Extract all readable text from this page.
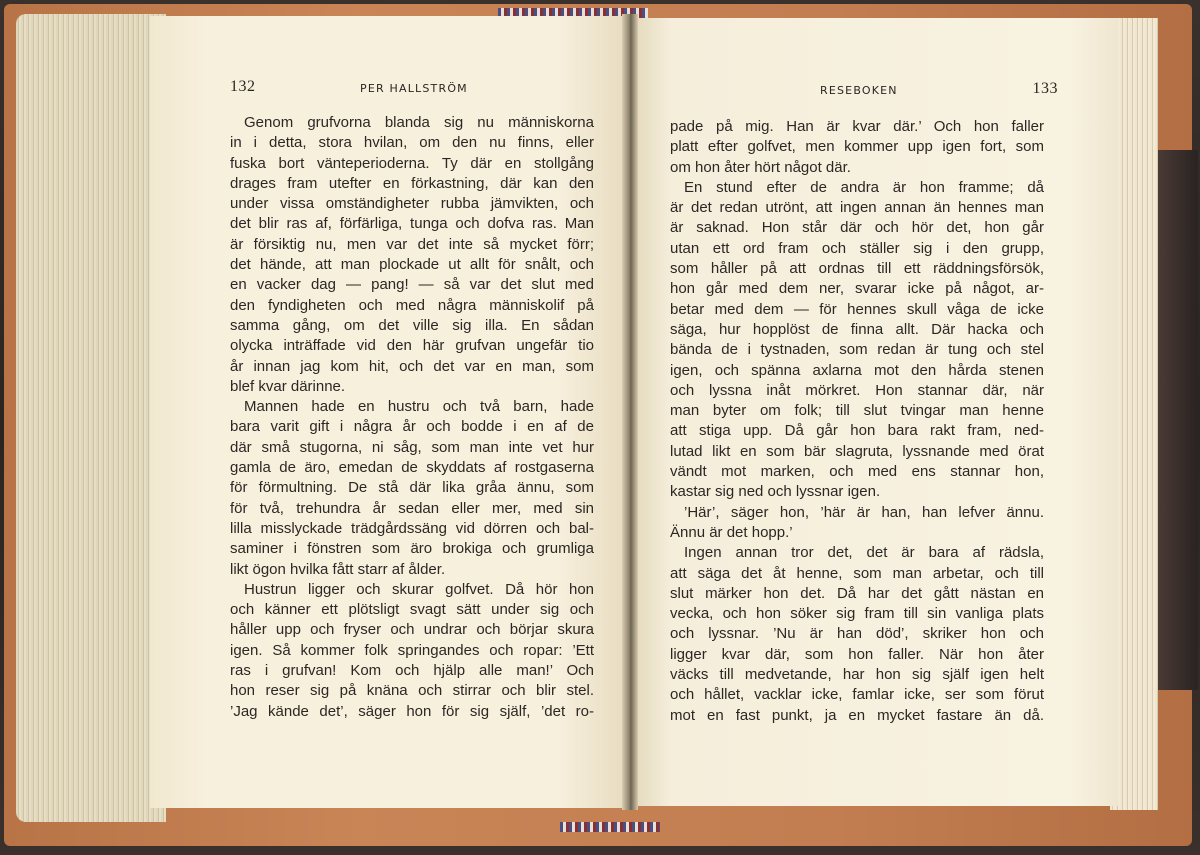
132	PER HALLSTRÖM
Genom grufvorna blanda sig nu människorna
in i detta, stora hvilan, om den nu finns, eller
fuska bort vänteperioderna. Ty där en stollgång
drages fram utefter en förkastning, där kan den
under vissa omständigheter rubba jämvikten, och
det blir ras af, förfärliga, tunga och dofva ras. Man
är försiktig nu, men var det inte så mycket förr;
det hände, att man plockade ut allt för snålt, och
en vacker dag — pang! — så var det slut med
den fyndigheten och med några människolif på
samma gång, om det ville sig illa. En sådan
olycka inträffade vid den här grufvan ungefär tio
år innan jag kom hit, och det var en man, som
blef kvar därinne.
Mannen hade en hustru och två barn, hade
bara varit gift i några år och bodde i en af de
där små stugorna, ni såg, som man inte vet hur
gamla de äro, emedan de skyddats af rostgaserna
för förmultning. De stå där lika gråa ännu, som
för två, trehundra år sedan eller mer, med sin
lilla misslyckade trädgårdssäng vid dörren och bal-
saminer i fönstren som äro brokiga och grumliga
likt ögon hvilka fått starr af ålder.
Hustrun ligger och skurar golfvet. Då hör hon
och känner ett plötsligt svagt sätt under sig och
håller upp och fryser och undrar och börjar skura
igen. Så kommer folk springandes och ropar: ’Ett
ras i grufvan! Kom och hjälp alle man!’ Och
hon reser sig på knäna och stirrar och blir stel.
’Jag kände det’, säger hon för sig själf, ’det ro-
RESEBOKEN	133
pade på mig. Han är kvar där.’ Och hon faller
platt efter golfvet, men kommer upp igen fort, som
om hon åter hört något där.
En stund efter de andra är hon framme; då
är det redan utrönt, att ingen annan än hennes man
är saknad. Hon står där och hör det, hon går
utan ett ord fram och ställer sig i den grupp,
som håller på att ordnas till ett räddningsförsök,
hon går med dem ner, svarar icke på något, ar-
betar med dem — för hennes skull våga de icke
säga, hur hopplöst de finna allt. Där hacka och
bända de i tystnaden, som redan är tung och stel
igen, och spänna axlarna mot den hårda stenen
och lyssna inåt mörkret. Hon stannar där, när
man byter om folk; till slut tvingar man henne
att stiga upp. Då går hon bara rakt fram, ned-
lutad likt en som bär slagruta, lyssnande med örat
vändt mot marken, och med ens stannar hon,
kastar sig ned och lyssnar igen.
’Här’, säger hon, ’här är han, han lefver ännu.
Ännu är det hopp.’
Ingen annan tror det, det är bara af rädsla,
att säga det åt henne, som man arbetar, och till
slut märker hon det. Då har det gått nästan en
vecka, och hon söker sig fram till sin vanliga plats
och lyssnar. ’Nu är han död’, skriker hon och
ligger kvar där, som hon faller. När hon åter
väcks till medvetande, har hon sig själf igen helt
och hållet, vacklar icke, famlar icke, ser som förut
mot en fast punkt, ja en mycket fastare än då.
